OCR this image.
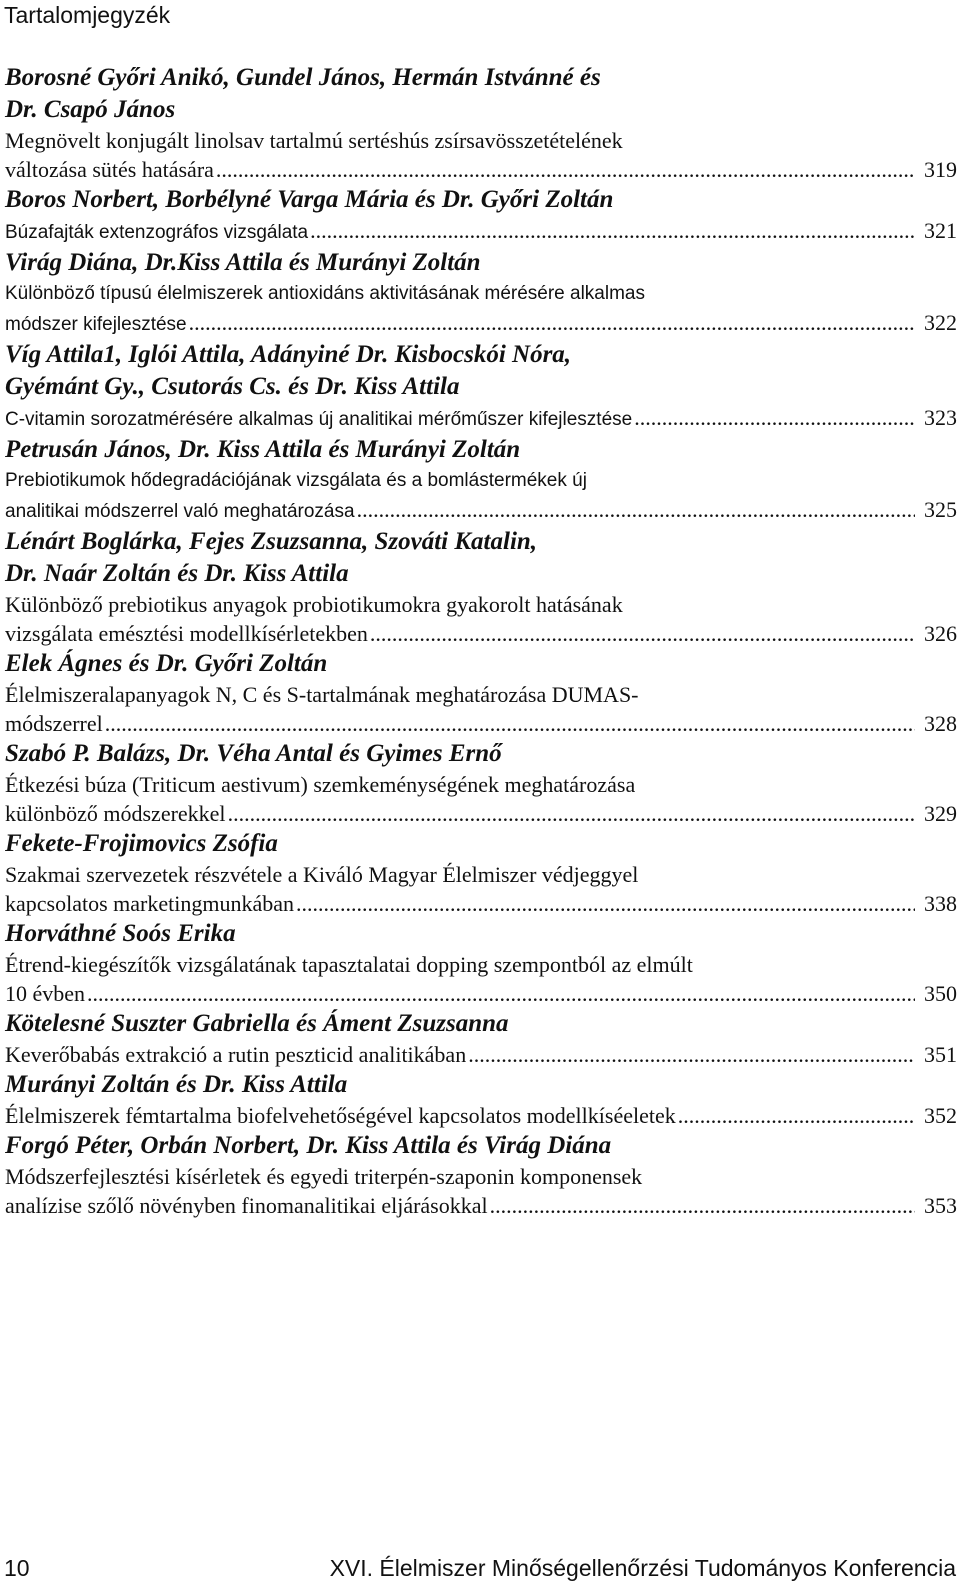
Tartalomjegyzék
Borosné Győri Anikó, Gundel János, Hermán Istvánné és
Dr. Csapó János
Megnövelt konjugált linolsav tartalmú sertéshús zsírsavösszetételének
változása sütés hatására .....	319
Boros Norbert, Borbélyné Varga Mária és Dr. Győri Zoltán
Búzafajták extenzográfos vizsgálata .....	321
Virág Diána, Dr.Kiss Attila és Murányi Zoltán
Különböző típusú élelmiszerek antioxidáns aktivitásának mérésére alkalmas
módszer kifejlesztése .....	322
Víg Attila1, Iglói Attila, Adányiné Dr. Kisbocskói Nóra,
Gyémánt Gy., Csutorás Cs. és Dr. Kiss Attila
C-vitamin sorozatmérésére alkalmas új analitikai mérőműszer kifejlesztése .....	323
Petrusán János, Dr. Kiss Attila és Murányi Zoltán
Prebiotikumok hődegradációjának vizsgálata és a bomlástermékek új
analitikai módszerrel való meghatározása .....	325
Lénárt Boglárka, Fejes Zsuzsanna, Szováti Katalin,
Dr. Naár Zoltán és Dr. Kiss Attila
Különböző prebiotikus anyagok probiotikumokra gyakorolt hatásának
vizsgálata emésztési modellkísérletekben .....	326
Elek Ágnes és Dr. Győri Zoltán
Élelmiszeralapanyagok N, C és S-tartalmának meghatározása DUMAS-
módszerrel .....	328
Szabó P. Balázs, Dr. Véha Antal és Gyimes Ernő
Étkezési búza (Triticum aestivum) szemkeménységének meghatározása
különböző módszerekkel .....	329
Fekete-Frojimovics Zsófia
Szakmai szervezetek részvétele a Kiváló Magyar Élelmiszer védjeggyel
kapcsolatos marketingmunkában .....	338
Horváthné Soós Erika
Étrend-kiegészítők vizsgálatának tapasztalatai dopping szempontból az elmúlt
10 évben .....	350
Kötelesné Suszter Gabriella és Áment Zsuzsanna
Keverőbabás extrakció a rutin peszticid analitikában .....	351
Murányi Zoltán és Dr. Kiss Attila
Élelmiszerek fémtartalma biofelvehetőségével kapcsolatos modellkíséeletek .....	352
Forgó Péter, Orbán Norbert, Dr. Kiss Attila és Virág Diána
Módszerfejlesztési kísérletek és egyedi triterpén-szaponin komponensek
analízise szőlő növényben finomanalitikai eljárásokkal .....	353
10	XVI. Élelmiszer Minőségellenőrzési Tudományos Konferencia
